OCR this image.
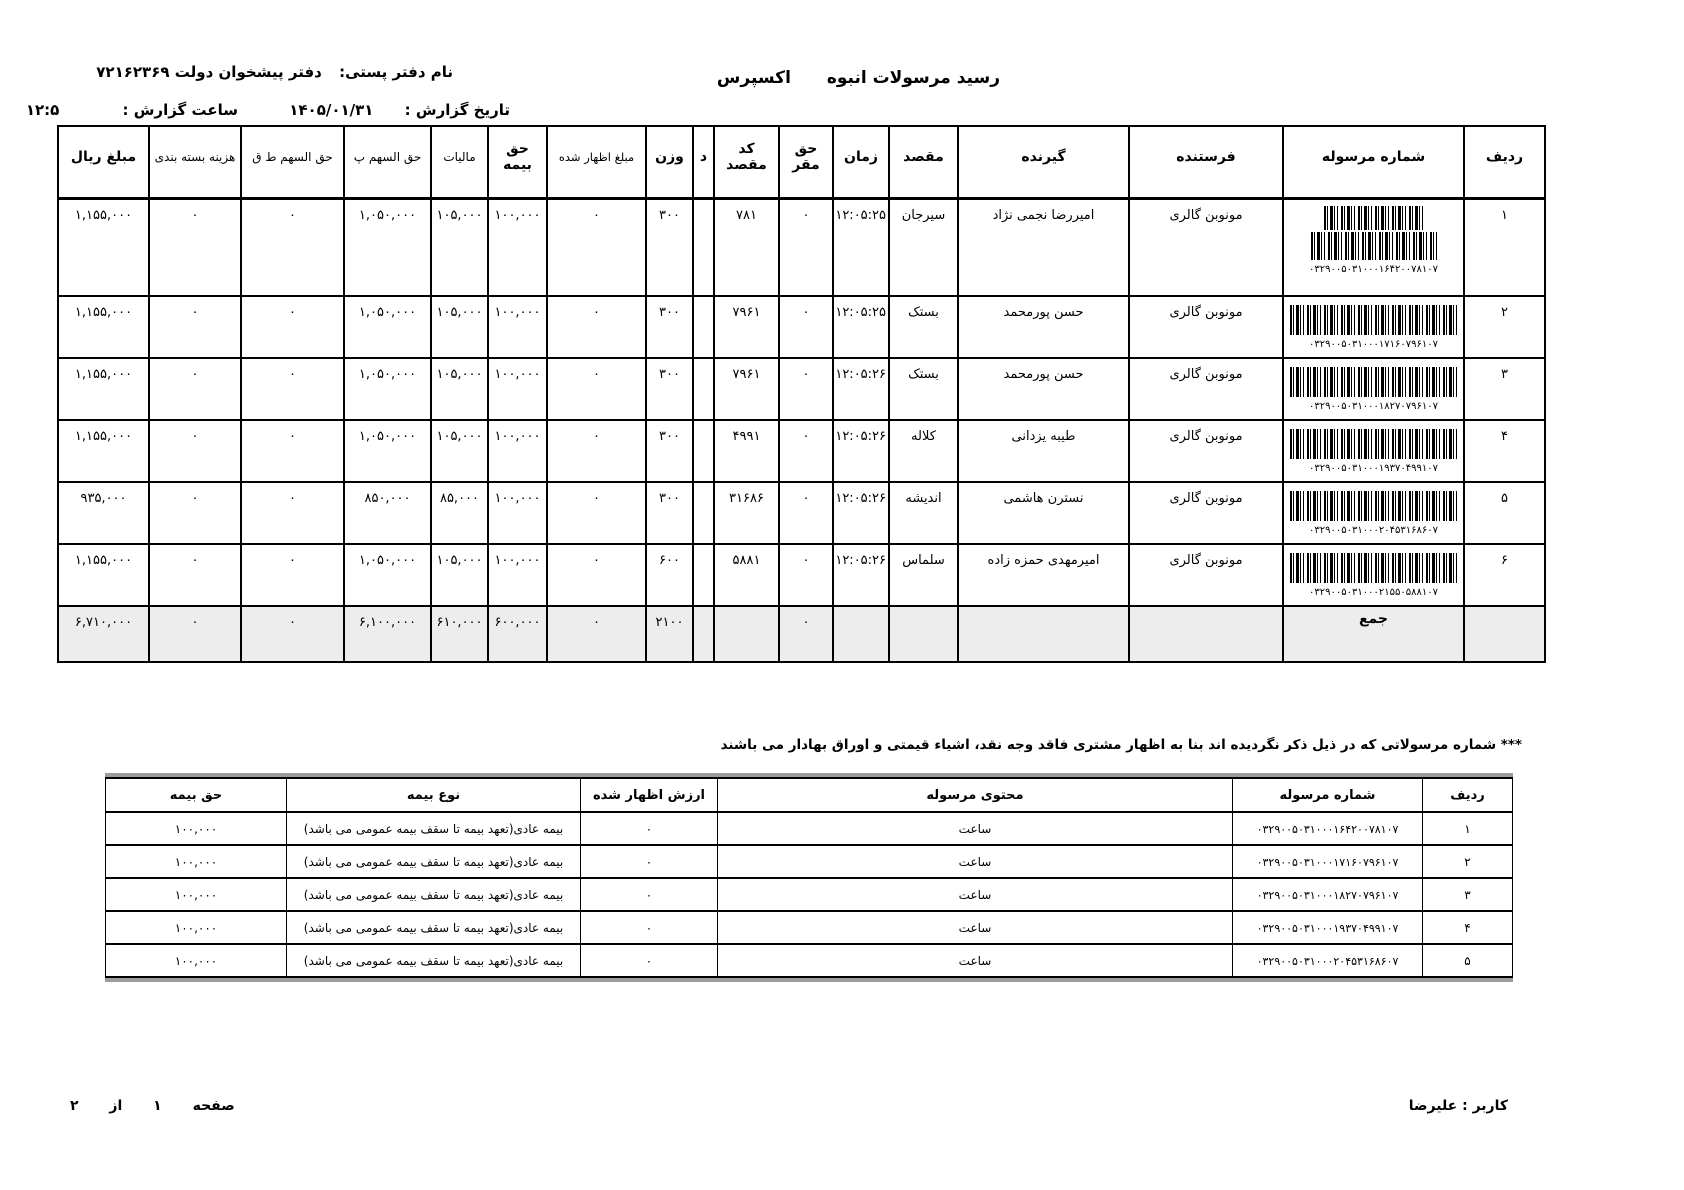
نام دفتر پستی: دفتر پیشخوان دولت ۷۲۱۶۲۳۶۹	رسید مرسولات انبوه اکسپرس
تاریخ گزارش : ۱۴۰۵/۰۱/۳۱ ساعت گزارش : ۱۲:۵
ردیف	شماره مرسوله	فرستنده	گیرنده	مقصد	زمان	حق مقر	کد مقصد	د	وزن	مبلغ اظهار شده	حق بیمه	مالیات	حق السهم پ	حق السهم ط ق	هزینه بسته بندی	مبلغ ریال
۱	۰۳۲۹۰۰۵۰۳۱۰۰۰۱۶۴۲۰۰۷۸۱۰۷	مونوبن گالری	امیررضا نجمی نژاد	سیرجان	۱۲:۰۵:۲۵	۰	۷۸۱		۳۰۰	۰	۱۰۰,۰۰۰	۱۰۵,۰۰۰	۱,۰۵۰,۰۰۰	۰	۰	۱,۱۵۵,۰۰۰
۲	۰۳۲۹۰۰۵۰۳۱۰۰۰۱۷۱۶۰۷۹۶۱۰۷	مونوبن گالری	حسن پورمحمد	بستک	۱۲:۰۵:۲۵	۰	۷۹۶۱		۳۰۰	۰	۱۰۰,۰۰۰	۱۰۵,۰۰۰	۱,۰۵۰,۰۰۰	۰	۰	۱,۱۵۵,۰۰۰
۳	۰۳۲۹۰۰۵۰۳۱۰۰۰۱۸۲۷۰۷۹۶۱۰۷	مونوبن گالری	حسن پورمحمد	بستک	۱۲:۰۵:۲۶	۰	۷۹۶۱		۳۰۰	۰	۱۰۰,۰۰۰	۱۰۵,۰۰۰	۱,۰۵۰,۰۰۰	۰	۰	۱,۱۵۵,۰۰۰
۴	۰۳۲۹۰۰۵۰۳۱۰۰۰۱۹۳۷۰۴۹۹۱۰۷	مونوبن گالری	طیبه یزدانی	کلاله	۱۲:۰۵:۲۶	۰	۴۹۹۱		۳۰۰	۰	۱۰۰,۰۰۰	۱۰۵,۰۰۰	۱,۰۵۰,۰۰۰	۰	۰	۱,۱۵۵,۰۰۰
۵	۰۳۲۹۰۰۵۰۳۱۰۰۰۲۰۴۵۳۱۶۸۶۰۷	مونوبن گالری	نسترن هاشمی	اندیشه	۱۲:۰۵:۲۶	۰	۳۱۶۸۶		۳۰۰	۰	۱۰۰,۰۰۰	۸۵,۰۰۰	۸۵۰,۰۰۰	۰	۰	۹۳۵,۰۰۰
۶	۰۳۲۹۰۰۵۰۳۱۰۰۰۲۱۵۵۰۵۸۸۱۰۷	مونوبن گالری	امیرمهدی حمزه زاده	سلماس	۱۲:۰۵:۲۶	۰	۵۸۸۱		۶۰۰	۰	۱۰۰,۰۰۰	۱۰۵,۰۰۰	۱,۰۵۰,۰۰۰	۰	۰	۱,۱۵۵,۰۰۰
	جمع					۰			۲۱۰۰	۰	۶۰۰,۰۰۰	۶۱۰,۰۰۰	۶,۱۰۰,۰۰۰	۰	۰	۶,۷۱۰,۰۰۰
*** شماره مرسولاتی که در ذیل ذکر نگردیده اند بنا به اظهار مشتری فاقد وجه نقد، اشیاء قیمتی و اوراق بهادار می باشند
ردیف	شماره مرسوله	محتوی مرسوله	ارزش اظهار شده	نوع بیمه	حق بیمه
۱	۰۳۲۹۰۰۵۰۳۱۰۰۰۱۶۴۲۰۰۷۸۱۰۷	ساعت	۰	بیمه عادی(تعهد بیمه تا سقف بیمه عمومی می باشد)	۱۰۰,۰۰۰
۲	۰۳۲۹۰۰۵۰۳۱۰۰۰۱۷۱۶۰۷۹۶۱۰۷	ساعت	۰	بیمه عادی(تعهد بیمه تا سقف بیمه عمومی می باشد)	۱۰۰,۰۰۰
۳	۰۳۲۹۰۰۵۰۳۱۰۰۰۱۸۲۷۰۷۹۶۱۰۷	ساعت	۰	بیمه عادی(تعهد بیمه تا سقف بیمه عمومی می باشد)	۱۰۰,۰۰۰
۴	۰۳۲۹۰۰۵۰۳۱۰۰۰۱۹۳۷۰۴۹۹۱۰۷	ساعت	۰	بیمه عادی(تعهد بیمه تا سقف بیمه عمومی می باشد)	۱۰۰,۰۰۰
۵	۰۳۲۹۰۰۵۰۳۱۰۰۰۲۰۴۵۳۱۶۸۶۰۷	ساعت	۰	بیمه عادی(تعهد بیمه تا سقف بیمه عمومی می باشد)	۱۰۰,۰۰۰
کاربر : علیرضا
صفحه ۱ از ۲
